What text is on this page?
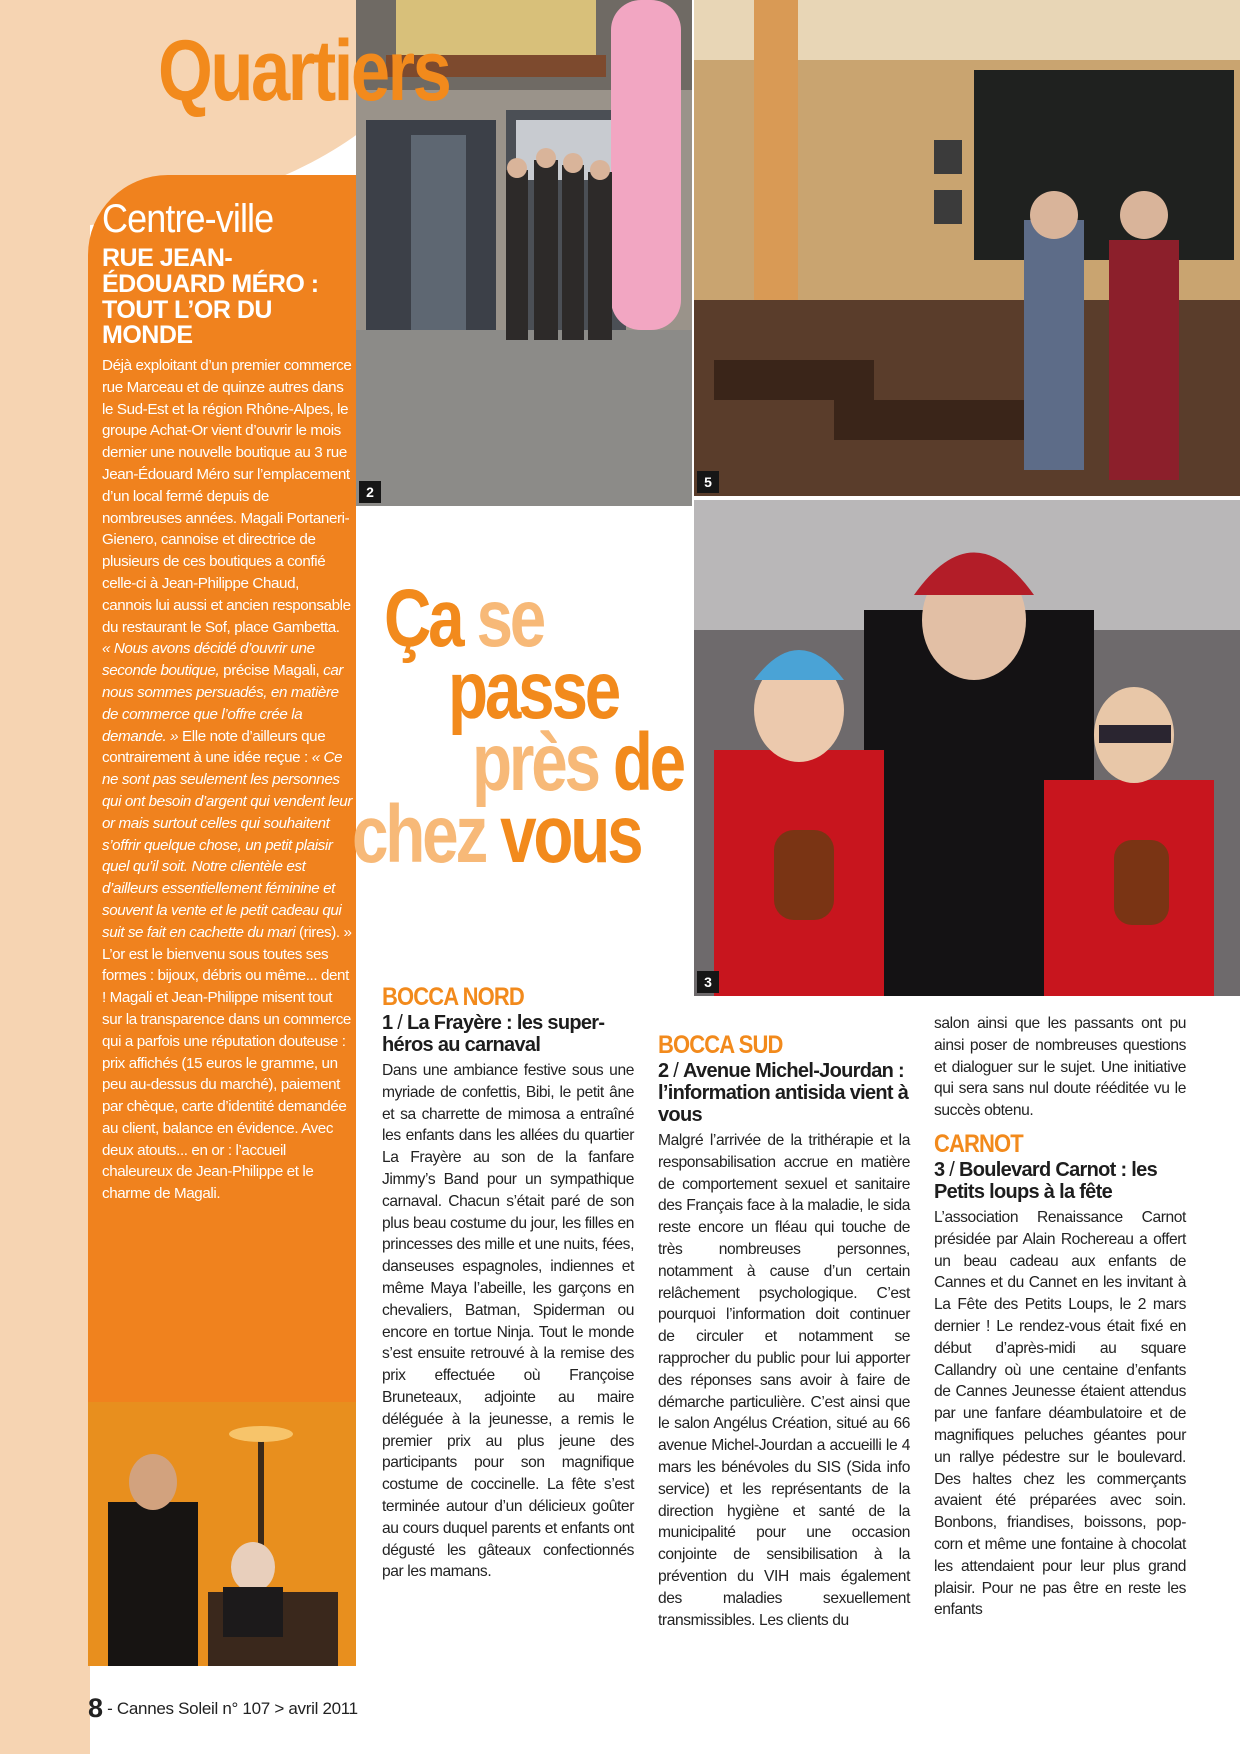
2
5
3
Quartiers
Centre-ville
RUE JEAN-ÉDOUARD MÉRO : TOUT L’OR DU MONDE

Déjà exploitant d’un premier commerce rue Marceau et de quinze autres dans le Sud-Est et la région Rhône-Alpes, le groupe Achat-Or vient d’ouvrir le mois dernier une nouvelle boutique au 3 rue Jean-Édouard Méro sur l’emplacement d’un local fermé depuis de nombreuses années. Magali Portaneri-Gienero, cannoise et directrice de plusieurs de ces boutiques a confié celle-ci à Jean-Philippe Chaud, cannois lui aussi et ancien responsable du restaurant le Sof, place Gambetta.
« Nous avons décidé d’ouvrir une seconde boutique, précise Magali, car nous sommes persuadés, en matière de commerce que l’offre crée la demande. » Elle note d’ailleurs que contrairement à une idée reçue : « Ce ne sont pas seulement les personnes qui ont besoin d’argent qui vendent leur or mais surtout celles qui souhaitent s’offrir quelque chose, un petit plaisir quel qu’il soit. Notre clientèle est d’ailleurs essentiellement féminine et souvent la vente et le petit cadeau qui suit se fait en cachette du mari (rires). » L’or est le bienvenu sous toutes ses formes : bijoux, débris ou même... dent ! Magali et Jean-Philippe misent tout sur la transparence dans un commerce qui a parfois une réputation douteuse : prix affichés (15 euros le gramme, un peu au-dessus du marché), paiement par chèque, carte d’identité demandée au client, balance en évidence. Avec deux atouts... en or : l’accueil chaleureux de Jean-Philippe et le charme de Magali.

Ça se
passe
près de
chez vous
BOCCA NORD
1 / La Frayère : les super-héros au carnaval

Dans une ambiance festive sous une myriade de confettis, Bibi, le petit âne et sa charrette de mimosa a entraîné les enfants dans les allées du quartier La Frayère au son de la fanfare Jimmy’s Band pour un sympathique carnaval. Chacun s’était paré de son plus beau costume du jour, les filles en princesses des mille et une nuits, fées, danseuses espagnoles, indiennes et même Maya l’abeille, les garçons en chevaliers, Batman, Spiderman ou encore en tortue Ninja. Tout le monde s’est ensuite retrouvé à la remise des prix effectuée où Françoise Bruneteaux, adjointe au maire déléguée à la jeunesse, a remis le premier prix au plus jeune des participants pour son magnifique costume de coccinelle. La fête s’est terminée autour d’un délicieux goûter au cours duquel parents et enfants ont dégusté les gâteaux confectionnés par les mamans.

BOCCA SUD
2 / Avenue Michel-Jourdan : l’information antisida vient à vous

Malgré l’arrivée de la trithérapie et la responsabilisation accrue en matière de comportement sexuel et sanitaire des Français face à la maladie, le sida reste encore un fléau qui touche de très nombreuses personnes, notamment à cause d’un certain relâchement psychologique. C’est pourquoi l’information doit continuer de circuler et notamment se rapprocher du public pour lui apporter des réponses sans avoir à faire de démarche particulière. C’est ainsi que le salon Angélus Création, situé au 66 avenue Michel-Jourdan a accueilli le 4 mars les bénévoles du SIS (Sida info service) et les représentants de la direction hygiène et santé de la municipalité pour une occasion conjointe de sensibilisation à la prévention du VIH mais également des maladies sexuellement transmissibles. Les clients du

salon ainsi que les passants ont pu ainsi poser de nombreuses questions et dialoguer sur le sujet. Une initiative qui sera sans nul doute rééditée vu le succès obtenu.

CARNOT
3 / Boulevard Carnot : les Petits loups à la fête

L’association Renaissance Carnot présidée par Alain Rochereau a offert un beau cadeau aux enfants de Cannes et du Cannet en les invitant à La Fête des Petits Loups, le 2 mars dernier ! Le rendez-vous était fixé en début d’après-midi au square Callandry où une centaine d’enfants de Cannes Jeunesse étaient attendus par une fanfare déambulatoire et de magnifiques peluches géantes pour un rallye pédestre sur le boulevard. Des haltes chez les commerçants avaient été préparées avec soin. Bonbons, friandises, boissons, pop-corn et même une fontaine à chocolat les attendaient pour leur plus grand plaisir. Pour ne pas être en reste les enfants

8 - Cannes Soleil n° 107 > avril 2011
